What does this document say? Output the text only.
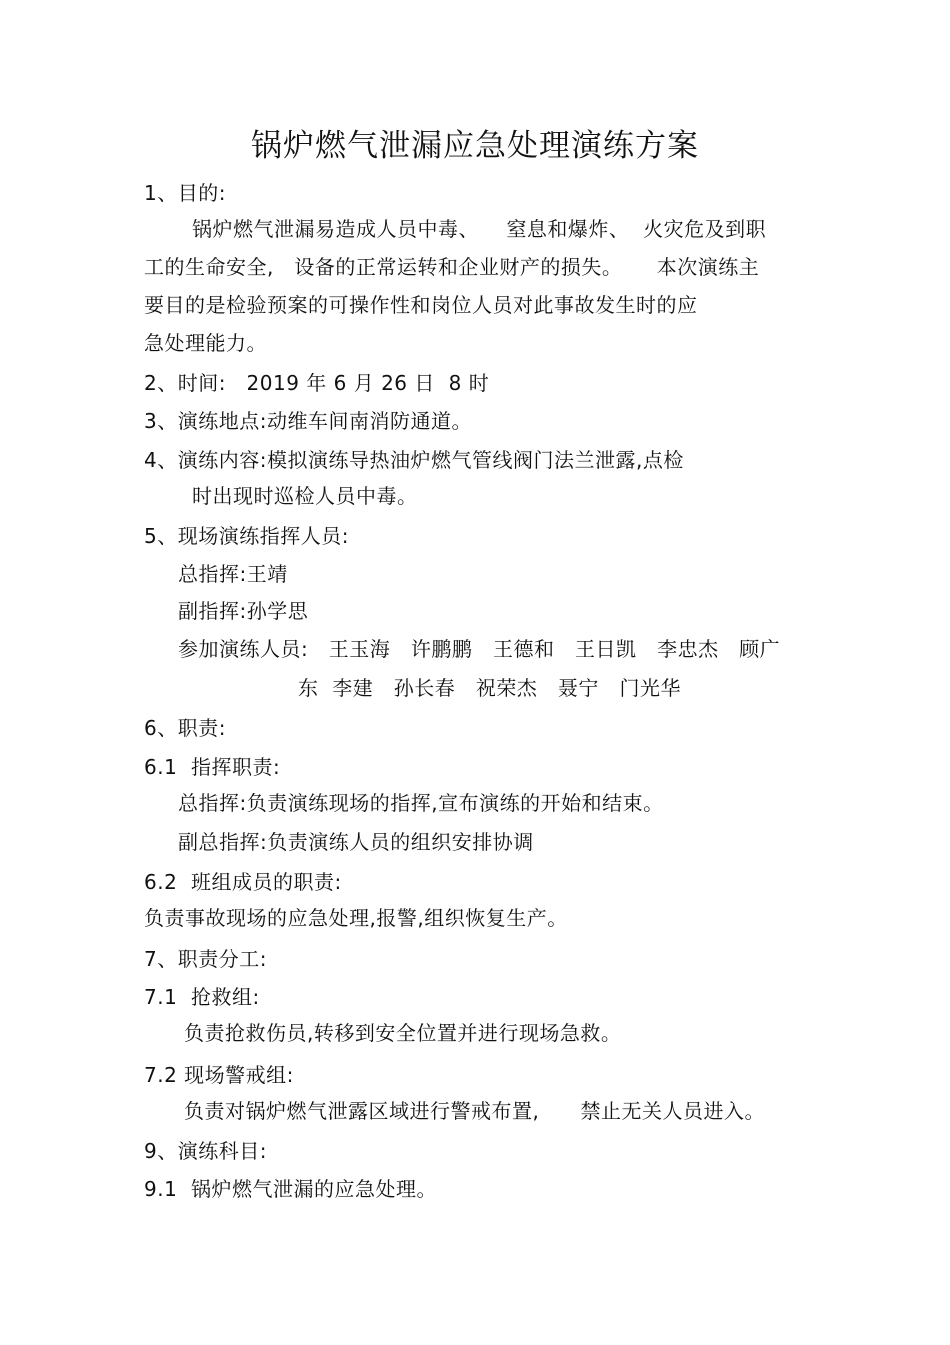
锅炉燃气泄漏应急处理演练方案
1、目的:
锅炉燃气泄漏易造成人员中毒、    窒息和爆炸、  火灾危及到职
工的生命安全,   设备的正常运转和企业财产的损失。     本次演练主
要目的是检验预案的可操作性和岗位人员对此事故发生时的应
急处理能力。
2、时间:   2019 年 6 月 26 日  8 时
3、演练地点:动维车间南消防通道。
4、演练内容:模拟演练导热油炉燃气管线阀门法兰泄露,点检
时出现时巡检人员中毒。
5、现场演练指挥人员:
总指挥:王靖
副指挥:孙学思
参加演练人员:   王玉海   许鹏鹏   王德和   王日凯   李忠杰   顾广
东  李建   孙长春   祝荣杰   聂宁   门光华
6、职责:
6.1  指挥职责:
总指挥:负责演练现场的指挥,宣布演练的开始和结束。
副总指挥:负责演练人员的组织安排协调
6.2  班组成员的职责:
负责事故现场的应急处理,报警,组织恢复生产。
7、职责分工:
7.1  抢救组:
负责抢救伤员,转移到安全位置并进行现场急救。
7.2 现场警戒组:
负责对锅炉燃气泄露区域进行警戒布置,      禁止无关人员进入。
9、演练科目:
9.1  锅炉燃气泄漏的应急处理。
